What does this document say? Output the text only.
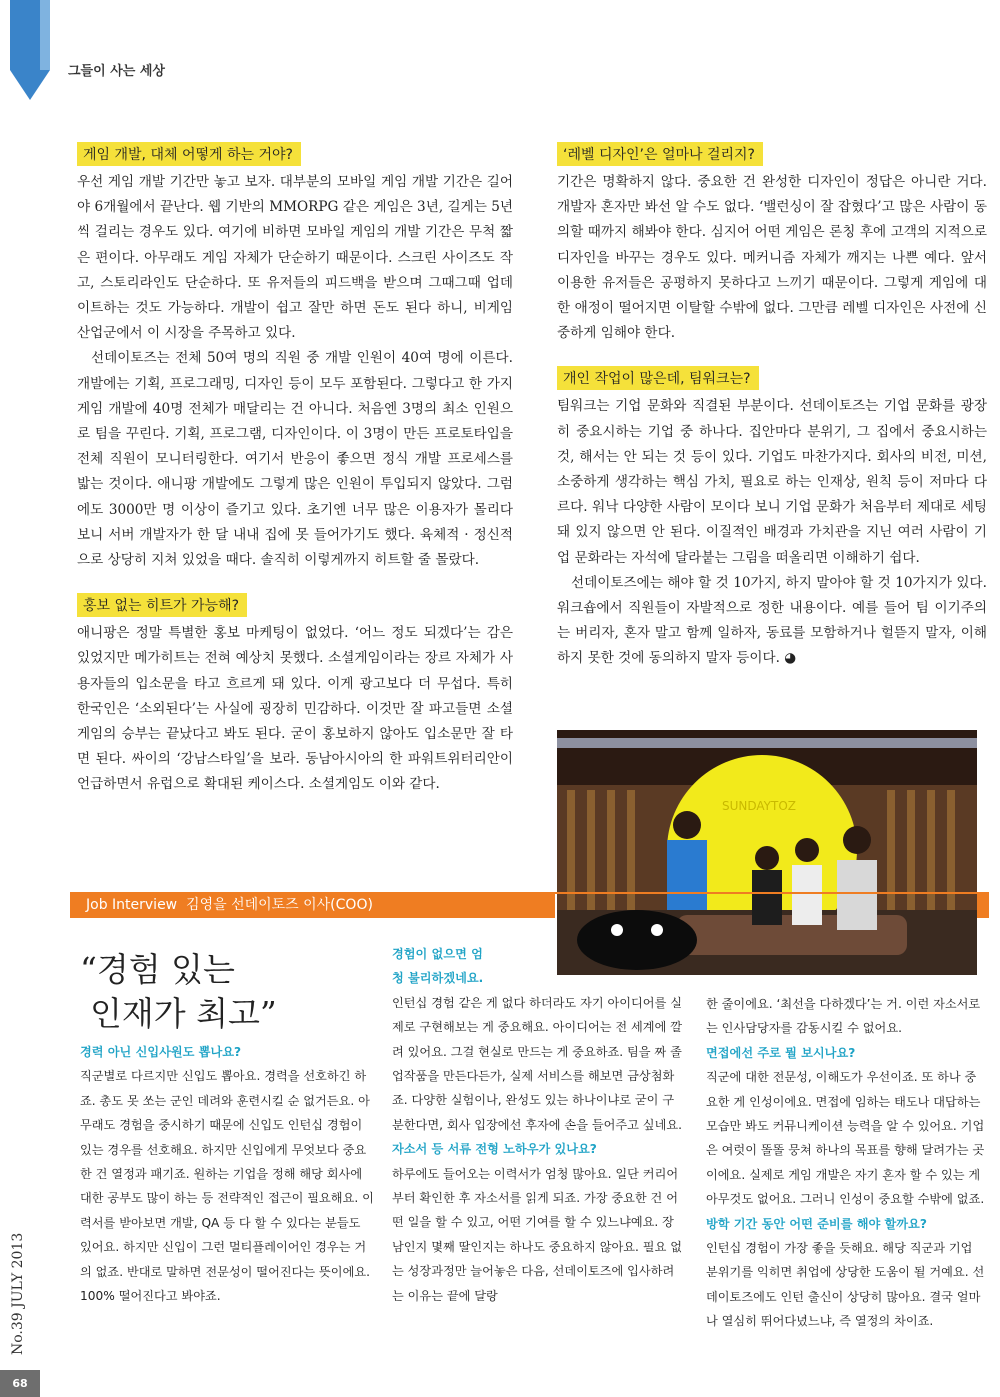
그들이 사는 세상
게임 개발, 대체 어떻게 하는 거야?

우선 게임 개발 기간만 놓고 보자. 대부분의 모바일 게임 개발 기간은 길어야 6개월에서 끝난다. 웹 기반의 MMORPG 같은 게임은 3년, 길게는 5년씩 걸리는 경우도 있다. 여기에 비하면 모바일 게임의 개발 기간은 무척 짧은 편이다. 아무래도 게임 자체가 단순하기 때문이다. 스크린 사이즈도 작고, 스토리라인도 단순하다. 또 유저들의 피드백을 받으며 그때그때 업데이트하는 것도 가능하다. 개발이 쉽고 잘만 하면 돈도 된다 하니, 비게임 산업군에서 이 시장을 주목하고 있다.

선데이토즈는 전체 50여 명의 직원 중 개발 인원이 40여 명에 이른다. 개발에는 기획, 프로그래밍, 디자인 등이 모두 포함된다. 그렇다고 한 가지 게임 개발에 40명 전체가 매달리는 건 아니다. 처음엔 3명의 최소 인원으로 팀을 꾸린다. 기획, 프로그램, 디자인이다. 이 3명이 만든 프로토타입을 전체 직원이 모니터링한다. 여기서 반응이 좋으면 정식 개발 프로세스를 밟는 것이다. 애니팡 개발에도 그렇게 많은 인원이 투입되지 않았다. 그럼에도 3000만 명 이상이 즐기고 있다. 초기엔 너무 많은 이용자가 몰리다 보니 서버 개발자가 한 달 내내 집에 못 들어가기도 했다. 육체적 · 정신적으로 상당히 지쳐 있었을 때다. 솔직히 이렇게까지 히트할 줄 몰랐다.

홍보 없는 히트가 가능해?

애니팡은 정말 특별한 홍보 마케팅이 없었다. ‘어느 정도 되겠다’는 감은 있었지만 메가히트는 전혀 예상치 못했다. 소셜게임이라는 장르 자체가 사용자들의 입소문을 타고 흐르게 돼 있다. 이게 광고보다 더 무섭다. 특히 한국인은 ‘소외된다’는 사실에 굉장히 민감하다. 이것만 잘 파고들면 소셜게임의 승부는 끝났다고 봐도 된다. 굳이 홍보하지 않아도 입소문만 잘 타면 된다. 싸이의 ‘강남스타일’을 보라. 동남아시아의 한 파워트위터리안이 언급하면서 유럽으로 확대된 케이스다. 소셜게임도 이와 같다.

‘레벨 디자인’은 얼마나 걸리지?

기간은 명확하지 않다. 중요한 건 완성한 디자인이 정답은 아니란 거다. 개발자 혼자만 봐선 알 수도 없다. ‘밸런싱이 잘 잡혔다’고 많은 사람이 동의할 때까지 해봐야 한다. 심지어 어떤 게임은 론칭 후에 고객의 지적으로 디자인을 바꾸는 경우도 있다. 메커니즘 자체가 깨지는 나쁜 예다. 앞서 이용한 유저들은 공평하지 못하다고 느끼기 때문이다. 그렇게 게임에 대한 애정이 떨어지면 이탈할 수밖에 없다. 그만큼 레벨 디자인은 사전에 신중하게 임해야 한다.

개인 작업이 많은데, 팀워크는?

팀워크는 기업 문화와 직결된 부분이다. 선데이토즈는 기업 문화를 광장히 중요시하는 기업 중 하나다. 집안마다 분위기, 그 집에서 중요시하는 것, 해서는 안 되는 것 등이 있다. 기업도 마찬가지다. 회사의 비전, 미션, 소중하게 생각하는 핵심 가치, 필요로 하는 인재상, 원칙 등이 저마다 다르다. 워낙 다양한 사람이 모이다 보니 기업 문화가 처음부터 제대로 세팅돼 있지 않으면 안 된다. 이질적인 배경과 가치관을 지닌 여러 사람이 기업 문화라는 자석에 달라붙는 그림을 떠올리면 이해하기 쉽다.

선데이토즈에는 해야 할 것 10가지, 하지 말아야 할 것 10가지가 있다. 워크숍에서 직원들이 자발적으로 정한 내용이다. 예를 들어 팀 이기주의는 버리자, 혼자 말고 함께 일하자, 동료를 모함하거나 헐뜯지 말자, 이해하지 못한 것에 동의하지 말자 등이다. ◕

SUNDAYTOZ
Job Interview 김영을 선데이토즈 이사(COO)
“경험 있는
인재가 최고”

경력 아닌 신입사원도 뽑나요?

직군별로 다르지만 신입도 뽑아요. 경력을 선호하긴 하죠. 총도 못 쏘는 군인 데려와 훈련시킬 순 없거든요. 아무래도 경험을 중시하기 때문에 신입도 인턴십 경험이 있는 경우를 선호해요. 하지만 신입에게 무엇보다 중요한 건 열정과 패기죠. 원하는 기업을 정해 해당 회사에 대한 공부도 많이 하는 등 전략적인 접근이 필요해요. 이력서를 받아보면 개발, QA 등 다 할 수 있다는 분들도 있어요. 하지만 신입이 그런 멀티플레이어인 경우는 거의 없죠. 반대로 말하면 전문성이 떨어진다는 뜻이에요. 100% 떨어진다고 봐야죠.

경험이 없으면 엄청 불리하겠네요.

인턴십 경험 같은 게 없다 하더라도 자기 아이디어를 실제로 구현해보는 게 중요해요. 아이디어는 전 세계에 깔려 있어요. 그걸 현실로 만드는 게 중요하죠. 팀을 짜 졸업작품을 만든다든가, 실제 서비스를 해보면 금상첨화죠. 다양한 실험이나, 완성도 있는 하나이냐로 굳이 구분한다면, 회사 입장에선 후자에 손을 들어주고 싶네요.

자소서 등 서류 전형 노하우가 있나요?

하루에도 들어오는 이력서가 엄청 많아요. 일단 커리어부터 확인한 후 자소서를 읽게 되죠. 가장 중요한 건 어떤 일을 할 수 있고, 어떤 기여를 할 수 있느냐예요. 장남인지 몇째 딸인지는 하나도 중요하지 않아요. 필요 없는 성장과정만 늘어놓은 다음, 선데이토즈에 입사하려는 이유는 끝에 달랑

한 줄이에요. ‘최선을 다하겠다’는 거. 이런 자소서로는 인사담당자를 감동시킬 수 없어요.

면접에선 주로 뭘 보시나요?

직군에 대한 전문성, 이해도가 우선이죠. 또 하나 중요한 게 인성이에요. 면접에 임하는 태도나 대답하는 모습만 봐도 커뮤니케이션 능력을 알 수 있어요. 기업은 여럿이 똘똘 뭉쳐 하나의 목표를 향해 달려가는 곳이에요. 실제로 게임 개발은 자기 혼자 할 수 있는 게 아무것도 없어요. 그러니 인성이 중요할 수밖에 없죠.

방학 기간 동안 어떤 준비를 해야 할까요?

인턴십 경험이 가장 좋을 듯해요. 해당 직군과 기업 분위기를 익히면 취업에 상당한 도움이 될 거예요. 선데이토즈에도 인턴 출신이 상당히 많아요. 결국 얼마나 열심히 뛰어다녔느냐, 즉 열정의 차이죠.

No.39 JULY 2013
68
